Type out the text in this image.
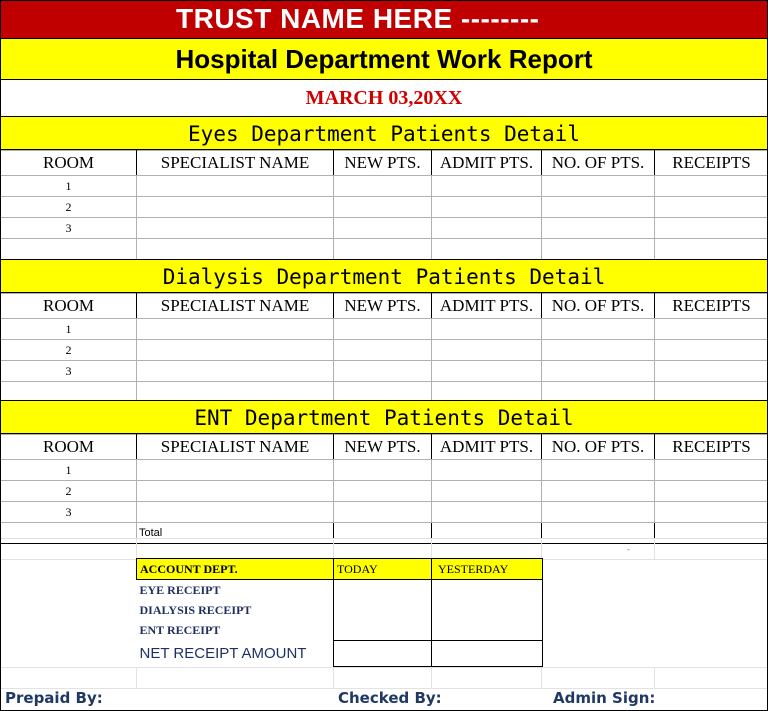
TRUST NAME HERE --------
Hospital Department Work Report
MARCH 03,20XX
Eyes Department Patients Detail
ROOM	SPECIALIST NAME	NEW PTS.	ADMIT PTS.	NO. OF PTS.	RECEIPTS
1					
2					
3					

Dialysis Department Patients Detail
ROOM	SPECIALIST NAME	NEW PTS.	ADMIT PTS.	NO. OF PTS.	RECEIPTS
1					
2					
3					

ENT Department Patients Detail
ROOM	SPECIALIST NAME	NEW PTS.	ADMIT PTS.	NO. OF PTS.	RECEIPTS
1					
2					
3					
	Total				
				-	
ACCOUNT DEPT.	TODAY	YESTERDAY
EYE RECEIPT		
DIALYSIS RECEIPT		
ENT RECEIPT		
NET RECEIPT AMOUNT		

Prepaid By:	Checked By:	Admin Sign:
